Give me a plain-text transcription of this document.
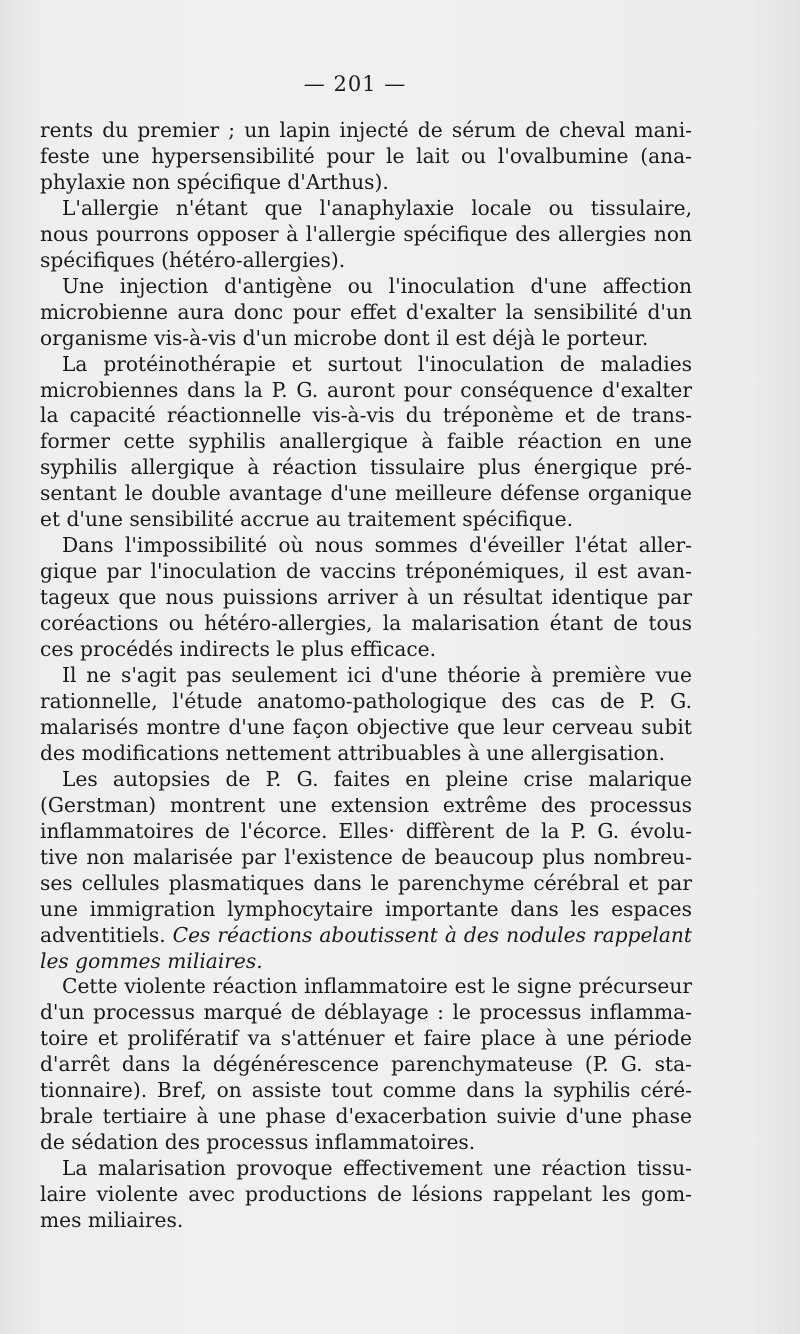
— 201 —
rents du premier ; un lapin injecté de sérum de cheval mani-
feste une hypersensibilité pour le lait ou l'ovalbumine (ana-
phylaxie non spécifique d'Arthus).
L'allergie n'étant que l'anaphylaxie locale ou tissulaire,
nous pourrons opposer à l'allergie spécifique des allergies non
spécifiques (hétéro-allergies).
Une injection d'antigène ou l'inoculation d'une affection
microbienne aura donc pour effet d'exalter la sensibilité d'un
organisme vis-à-vis d'un microbe dont il est déjà le porteur.
La protéinothérapie et surtout l'inoculation de maladies
microbiennes dans la P. G. auront pour conséquence d'exalter
la capacité réactionnelle vis-à-vis du tréponème et de trans-
former cette syphilis anallergique à faible réaction en une
syphilis allergique à réaction tissulaire plus énergique pré-
sentant le double avantage d'une meilleure défense organique
et d'une sensibilité accrue au traitement spécifique.
Dans l'impossibilité où nous sommes d'éveiller l'état aller-
gique par l'inoculation de vaccins tréponémiques, il est avan-
tageux que nous puissions arriver à un résultat identique par
coréactions ou hétéro-allergies, la malarisation étant de tous
ces procédés indirects le plus efficace.
Il ne s'agit pas seulement ici d'une théorie à première vue
rationnelle, l'étude anatomo-pathologique des cas de P. G.
malarisés montre d'une façon objective que leur cerveau subit
des modifications nettement attribuables à une allergisation.
Les autopsies de P. G. faites en pleine crise malarique
(Gerstman) montrent une extension extrême des processus
inflammatoires de l'écorce. Elles· diffèrent de la P. G. évolu-
tive non malarisée par l'existence de beaucoup plus nombreu-
ses cellules plasmatiques dans le parenchyme cérébral et par
une immigration lymphocytaire importante dans les espaces
adventitiels. Ces réactions aboutissent à des nodules rappelant
les gommes miliaires.
Cette violente réaction inflammatoire est le signe précurseur
d'un processus marqué de déblayage : le processus inflamma-
toire et prolifératif va s'atténuer et faire place à une période
d'arrêt dans la dégénérescence parenchymateuse (P. G. sta-
tionnaire). Bref, on assiste tout comme dans la syphilis céré-
brale tertiaire à une phase d'exacerbation suivie d'une phase
de sédation des processus inflammatoires.
La malarisation provoque effectivement une réaction tissu-
laire violente avec productions de lésions rappelant les gom-
mes miliaires.
